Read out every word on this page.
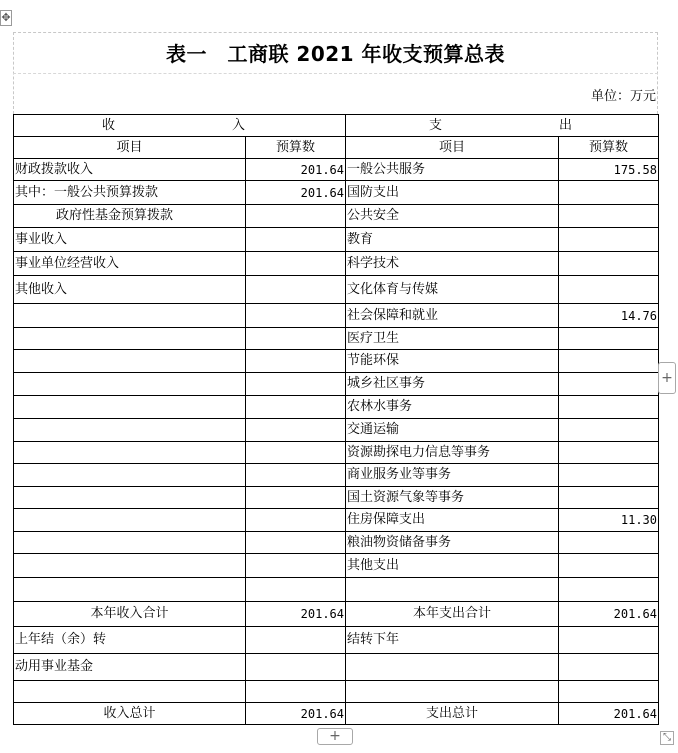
✥
表一　工商联 2021 年收支预算总表
单位：万元
收 入		支 出	

项目	预算数	项目	预算数
财政拨款收入	201.64	一般公共服务	175.58
其中：一般公共预算拨款	201.64	国防支出	
政府性基金预算拨款		公共安全	
事业收入		教育	
事业单位经营收入		科学技术	
其他收入		文化体育与传媒	
		社会保障和就业	14.76
		医疗卫生	
		节能环保	
		城乡社区事务	
		农林水事务	
		交通运输	
		资源勘探电力信息等事务	
		商业服务业等事务	
		国土资源气象等事务	
		住房保障支出	11.30
		粮油物资储备事务	
		其他支出	

本年收入合计	201.64	本年支出合计	201.64
上年结（余）转		结转下年	
动用事业基金			

收入总计	201.64	支出总计	201.64
+
+	⤡
